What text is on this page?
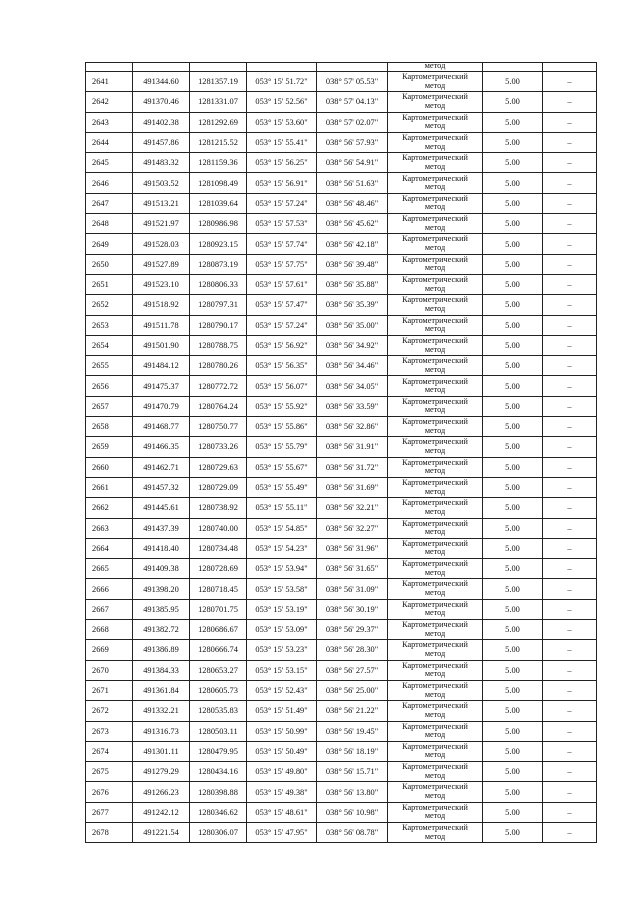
					метод		

2641	491344.60	1281357.19	053° 15' 51.72"	038° 57' 05.53"	Картометрический
метод	5.00	–
2642	491370.46	1281331.07	053° 15' 52.56"	038° 57' 04.13"	Картометрический
метод	5.00	–
2643	491402.38	1281292.69	053° 15' 53.60"	038° 57' 02.07"	Картометрический
метод	5.00	–
2644	491457.86	1281215.52	053° 15' 55.41"	038° 56' 57.93"	Картометрический
метод	5.00	–
2645	491483.32	1281159.36	053° 15' 56.25"	038° 56' 54.91"	Картометрический
метод	5.00	–
2646	491503.52	1281098.49	053° 15' 56.91"	038° 56' 51.63"	Картометрический
метод	5.00	–
2647	491513.21	1281039.64	053° 15' 57.24"	038° 56' 48.46"	Картометрический
метод	5.00	–
2648	491521.97	1280986.98	053° 15' 57.53"	038° 56' 45.62"	Картометрический
метод	5.00	–
2649	491528.03	1280923.15	053° 15' 57.74"	038° 56' 42.18"	Картометрический
метод	5.00	–
2650	491527.89	1280873.19	053° 15' 57.75"	038° 56' 39.48"	Картометрический
метод	5.00	–
2651	491523.10	1280806.33	053° 15' 57.61"	038° 56' 35.88"	Картометрический
метод	5.00	–
2652	491518.92	1280797.31	053° 15' 57.47"	038° 56' 35.39"	Картометрический
метод	5.00	–
2653	491511.78	1280790.17	053° 15' 57.24"	038° 56' 35.00"	Картометрический
метод	5.00	–
2654	491501.90	1280788.75	053° 15' 56.92"	038° 56' 34.92"	Картометрический
метод	5.00	–
2655	491484.12	1280780.26	053° 15' 56.35"	038° 56' 34.46"	Картометрический
метод	5.00	–
2656	491475.37	1280772.72	053° 15' 56.07"	038° 56' 34.05"	Картометрический
метод	5.00	–
2657	491470.79	1280764.24	053° 15' 55.92"	038° 56' 33.59"	Картометрический
метод	5.00	–
2658	491468.77	1280750.77	053° 15' 55.86"	038° 56' 32.86"	Картометрический
метод	5.00	–
2659	491466.35	1280733.26	053° 15' 55.79"	038° 56' 31.91"	Картометрический
метод	5.00	–
2660	491462.71	1280729.63	053° 15' 55.67"	038° 56' 31.72"	Картометрический
метод	5.00	–
2661	491457.32	1280729.09	053° 15' 55.49"	038° 56' 31.69"	Картометрический
метод	5.00	–
2662	491445.61	1280738.92	053° 15' 55.11"	038° 56' 32.21"	Картометрический
метод	5.00	–
2663	491437.39	1280740.00	053° 15' 54.85"	038° 56' 32.27"	Картометрический
метод	5.00	–
2664	491418.40	1280734.48	053° 15' 54.23"	038° 56' 31.96"	Картометрический
метод	5.00	–
2665	491409.38	1280728.69	053° 15' 53.94"	038° 56' 31.65"	Картометрический
метод	5.00	–
2666	491398.20	1280718.45	053° 15' 53.58"	038° 56' 31.09"	Картометрический
метод	5.00	–
2667	491385.95	1280701.75	053° 15' 53.19"	038° 56' 30.19"	Картометрический
метод	5.00	–
2668	491382.72	1280686.67	053° 15' 53.09"	038° 56' 29.37"	Картометрический
метод	5.00	–
2669	491386.89	1280666.74	053° 15' 53.23"	038° 56' 28.30"	Картометрический
метод	5.00	–
2670	491384.33	1280653.27	053° 15' 53.15"	038° 56' 27.57"	Картометрический
метод	5.00	–
2671	491361.84	1280605.73	053° 15' 52.43"	038° 56' 25.00"	Картометрический
метод	5.00	–
2672	491332.21	1280535.83	053° 15' 51.49"	038° 56' 21.22"	Картометрический
метод	5.00	–
2673	491316.73	1280503.11	053° 15' 50.99"	038° 56' 19.45"	Картометрический
метод	5.00	–
2674	491301.11	1280479.95	053° 15' 50.49"	038° 56' 18.19"	Картометрический
метод	5.00	–
2675	491279.29	1280434.16	053° 15' 49.80"	038° 56' 15.71"	Картометрический
метод	5.00	–
2676	491266.23	1280398.88	053° 15' 49.38"	038° 56' 13.80"	Картометрический
метод	5.00	–
2677	491242.12	1280346.62	053° 15' 48.61"	038° 56' 10.98"	Картометрический
метод	5.00	–
2678	491221.54	1280306.07	053° 15' 47.95"	038° 56' 08.78"	Картометрический
метод	5.00	–
